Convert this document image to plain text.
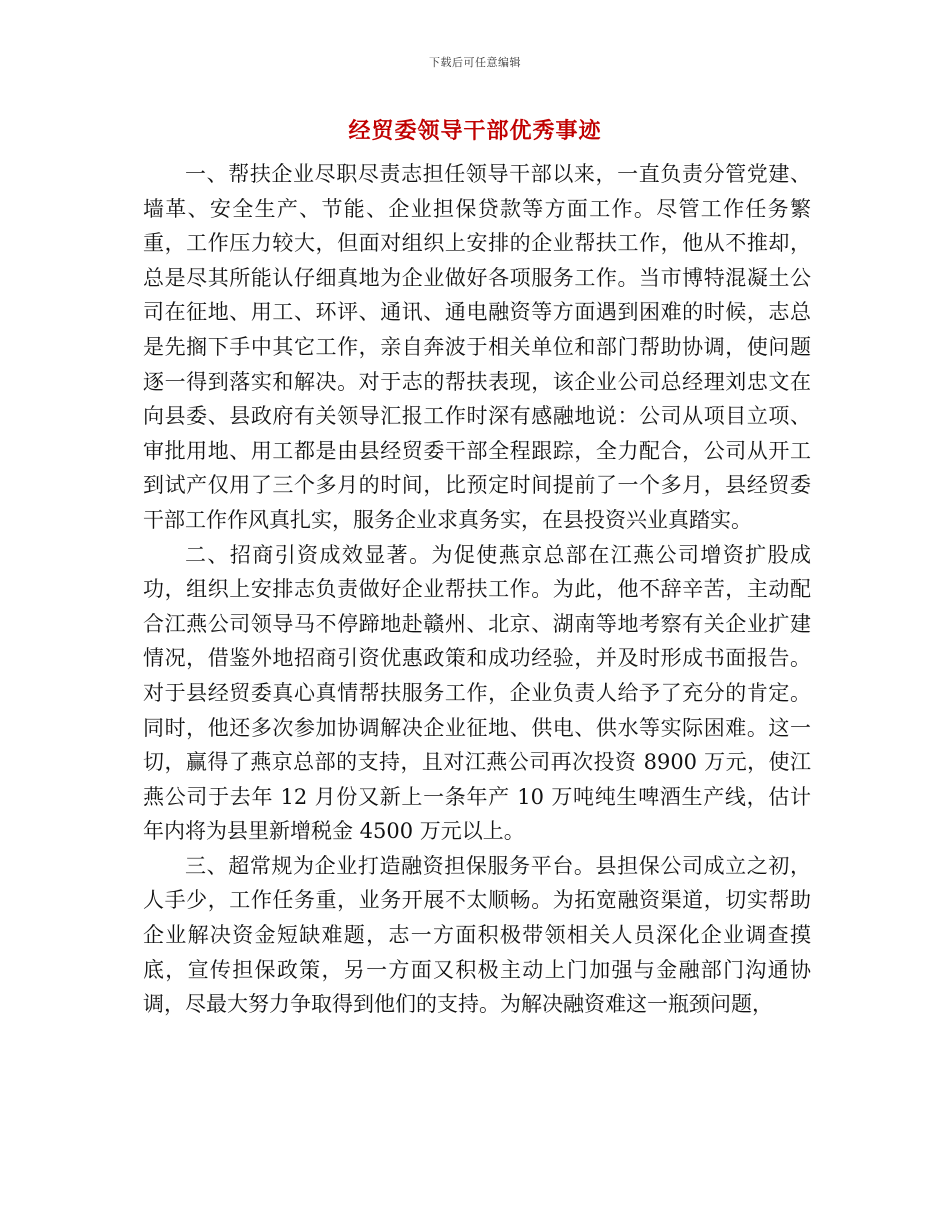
下载后可任意编辑
经贸委领导干部优秀事迹

一、帮扶企业尽职尽责志担任领导干部以来，一直负责分管党建、墙革、安全生产、节能、企业担保贷款等方面工作。尽管工作任务繁重，工作压力较大，但面对组织上安排的企业帮扶工作，他从不推却，总是尽其所能认仔细真地为企业做好各项服务工作。当市博特混凝土公司在征地、用工、环评、通讯、通电融资等方面遇到困难的时候，志总是先搁下手中其它工作，亲自奔波于相关单位和部门帮助协调，使问题逐一得到落实和解决。对于志的帮扶表现，该企业公司总经理刘忠文在向县委、县政府有关领导汇报工作时深有感融地说：公司从项目立项、审批用地、用工都是由县经贸委干部全程跟踪，全力配合，公司从开工到试产仅用了三个多月的时间，比预定时间提前了一个多月，县经贸委干部工作作风真扎实，服务企业求真务实，在县投资兴业真踏实。

二、招商引资成效显著。为促使燕京总部在江燕公司增资扩股成功，组织上安排志负责做好企业帮扶工作。为此，他不辞辛苦，主动配合江燕公司领导马不停蹄地赴赣州、北京、湖南等地考察有关企业扩建情况，借鉴外地招商引资优惠政策和成功经验，并及时形成书面报告。对于县经贸委真心真情帮扶服务工作，企业负责人给予了充分的肯定。同时，他还多次参加协调解决企业征地、供电、供水等实际困难。这一切，赢得了燕京总部的支持，且对江燕公司再次投资 8900 万元，使江燕公司于去年 12 月份又新上一条年产 10 万吨纯生啤酒生产线，估计年内将为县里新增税金 4500 万元以上。

三、超常规为企业打造融资担保服务平台。县担保公司成立之初，人手少，工作任务重，业务开展不太顺畅。为拓宽融资渠道，切实帮助企业解决资金短缺难题，志一方面积极带领相关人员深化企业调查摸底，宣传担保政策，另一方面又积极主动上门加强与金融部门沟通协调，尽最大努力争取得到他们的支持。为解决融资难这一瓶颈问题，
